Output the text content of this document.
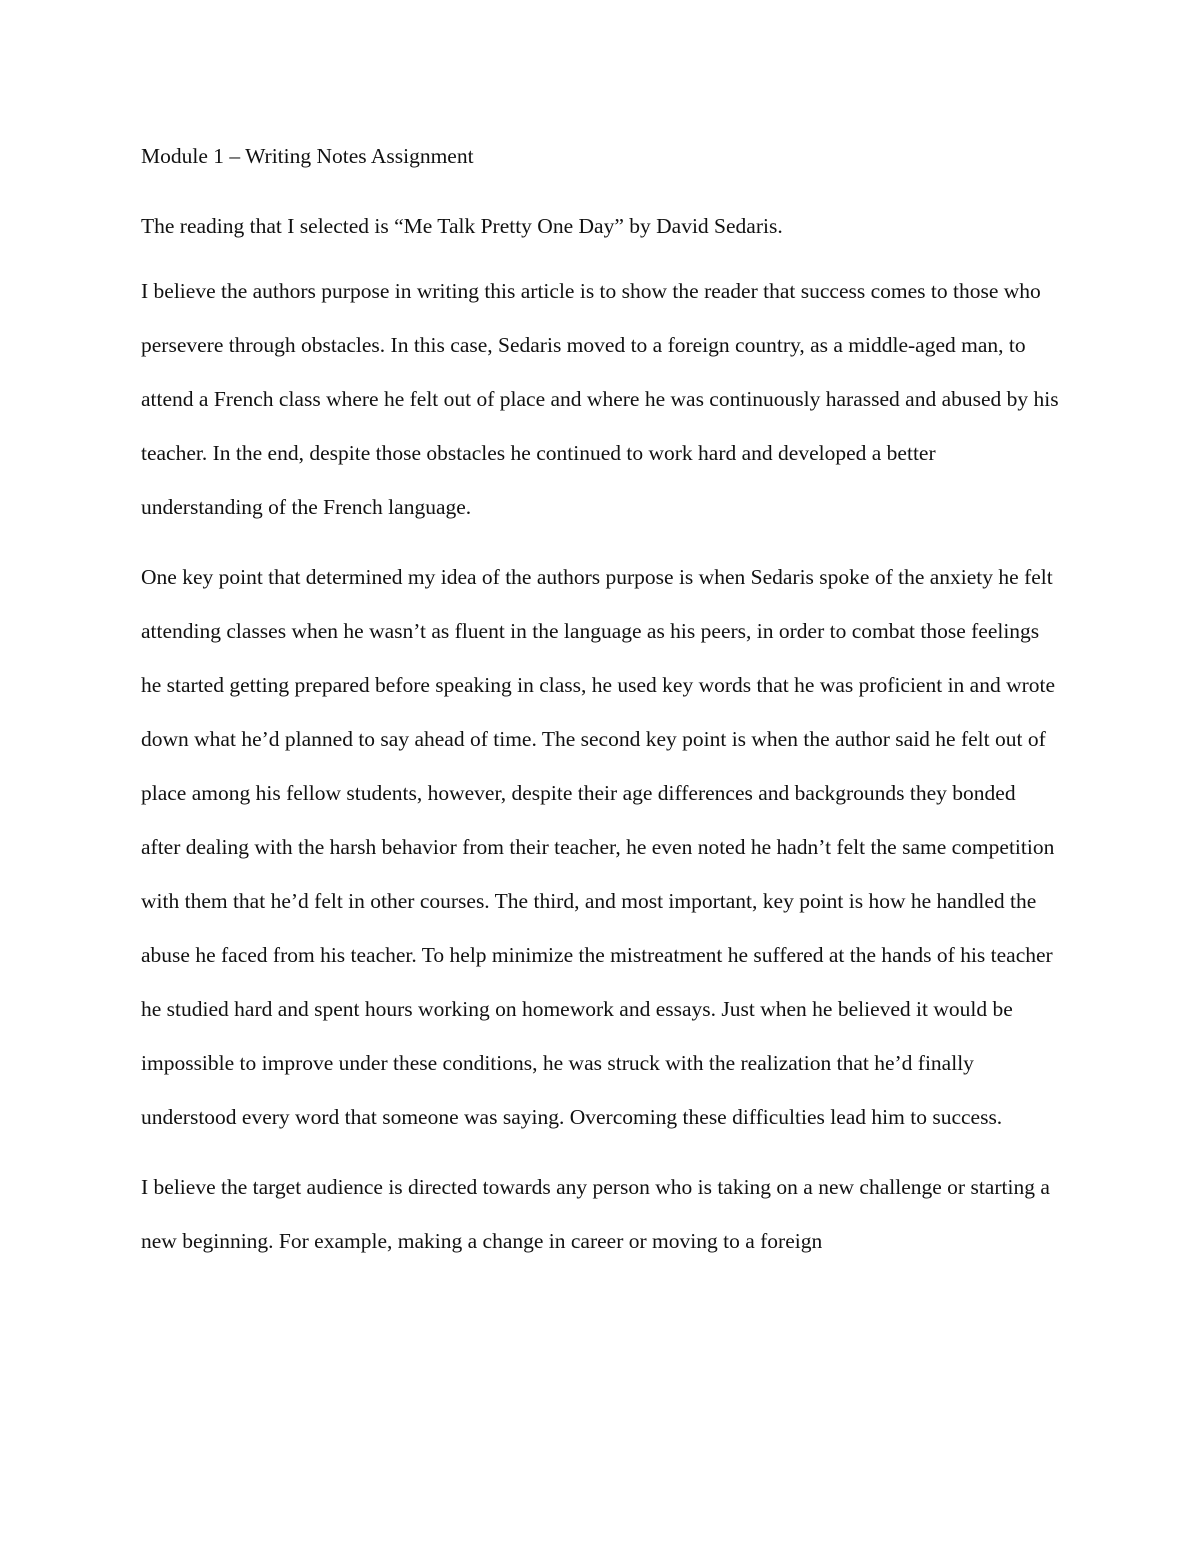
Module 1 – Writing Notes Assignment

The reading that I selected is “Me Talk Pretty One Day” by David Sedaris.

I believe the authors purpose in writing this article is to show the reader that success comes to those who persevere through obstacles. In this case, Sedaris moved to a foreign country, as a middle-aged man, to attend a French class where he felt out of place and where he was continuously harassed and abused by his teacher. In the end, despite those obstacles he continued to work hard and developed a better understanding of the French language.

One key point that determined my idea of the authors purpose is when Sedaris spoke of the anxiety he felt attending classes when he wasn’t as fluent in the language as his peers, in order to combat those feelings he started getting prepared before speaking in class, he used key words that he was proficient in and wrote down what he’d planned to say ahead of time. The second key point is when the author said he felt out of place among his fellow students, however, despite their age differences and backgrounds they bonded after dealing with the harsh behavior from their teacher, he even noted he hadn’t felt the same competition with them that he’d felt in other courses. The third, and most important, key point is how he handled the abuse he faced from his teacher. To help minimize the mistreatment he suffered at the hands of his teacher he studied hard and spent hours working on homework and essays. Just when he believed it would be impossible to improve under these conditions, he was struck with the realization that he’d finally understood every word that someone was saying. Overcoming these difficulties lead him to success.

I believe the target audience is directed towards any person who is taking on a new challenge or starting a new beginning. For example, making a change in career or moving to a foreign
